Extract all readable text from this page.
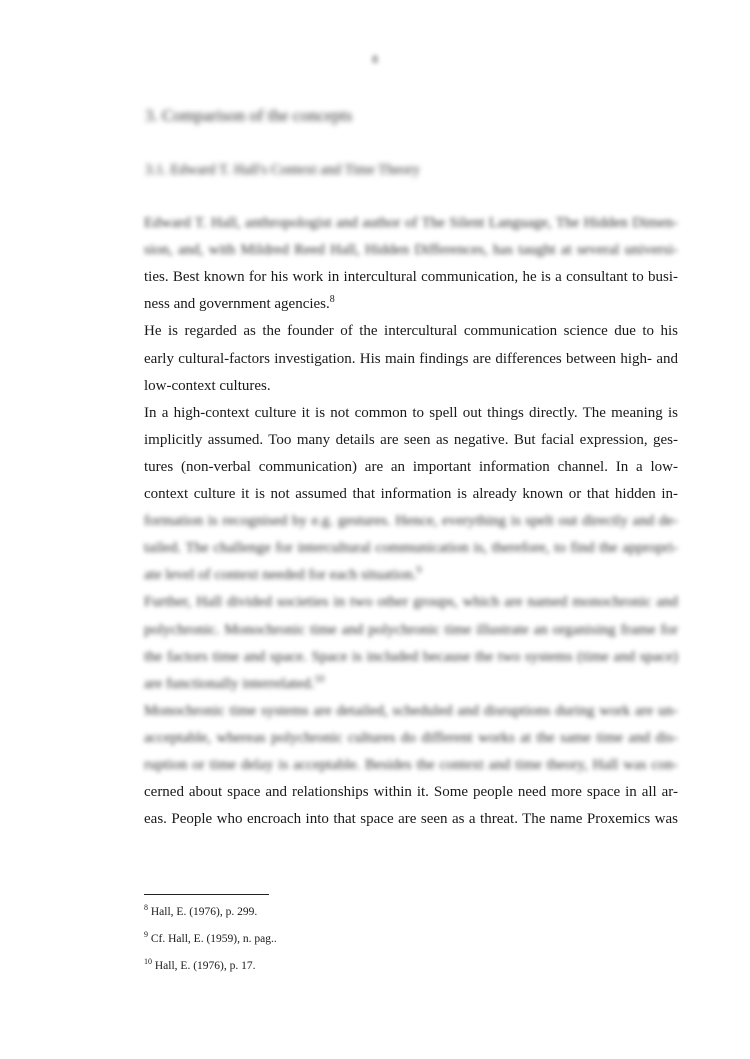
8
3. Comparison of the concepts
3.1. Edward T. Hall's Context and Time Theory
Edward T. Hall, anthropologist and author of The Silent Language, The Hidden Dimen-
sion, and, with Mildred Reed Hall, Hidden Differences, has taught at several universi-
ties. Best known for his work in intercultural communication, he is a consultant to busi-
ness and government agencies.$^8$
He is regarded as the founder of the intercultural communication science due to his
early cultural-factors investigation. His main findings are differences between high- and
low-context cultures.
In a high-context culture it is not common to spell out things directly. The meaning is
implicitly assumed. Too many details are seen as negative. But facial expression, ges-
tures (non-verbal communication) are an important information channel. In a low-
context culture it is not assumed that information is already known or that hidden in-
formation is recognised by e.g. gestures. Hence, everything is spelt out directly and de-
tailed. The challenge for intercultural communication is, therefore, to find the appropri-
ate level of context needed for each situation.$^9$
Further, Hall divided societies in two other groups, which are named monochronic and
polychronic. Monochronic time and polychronic time illustrate an organising frame for
the factors time and space. Space is included because the two systems (time and space)
are functionally interrelated.$^{10}$
Monochronic time systems are detailed, scheduled and disruptions during work are un-
acceptable, whereas polychronic cultures do different works at the same time and dis-
ruption or time delay is acceptable. Besides the context and time theory, Hall was con-
cerned about space and relationships within it. Some people need more space in all ar-
eas. People who encroach into that space are seen as a threat. The name Proxemics was
$^8$ Hall, E. (1976), p. 299.
$^9$ Cf. Hall, E. (1959), n. pag..
$^{10}$ Hall, E. (1976), p. 17.
